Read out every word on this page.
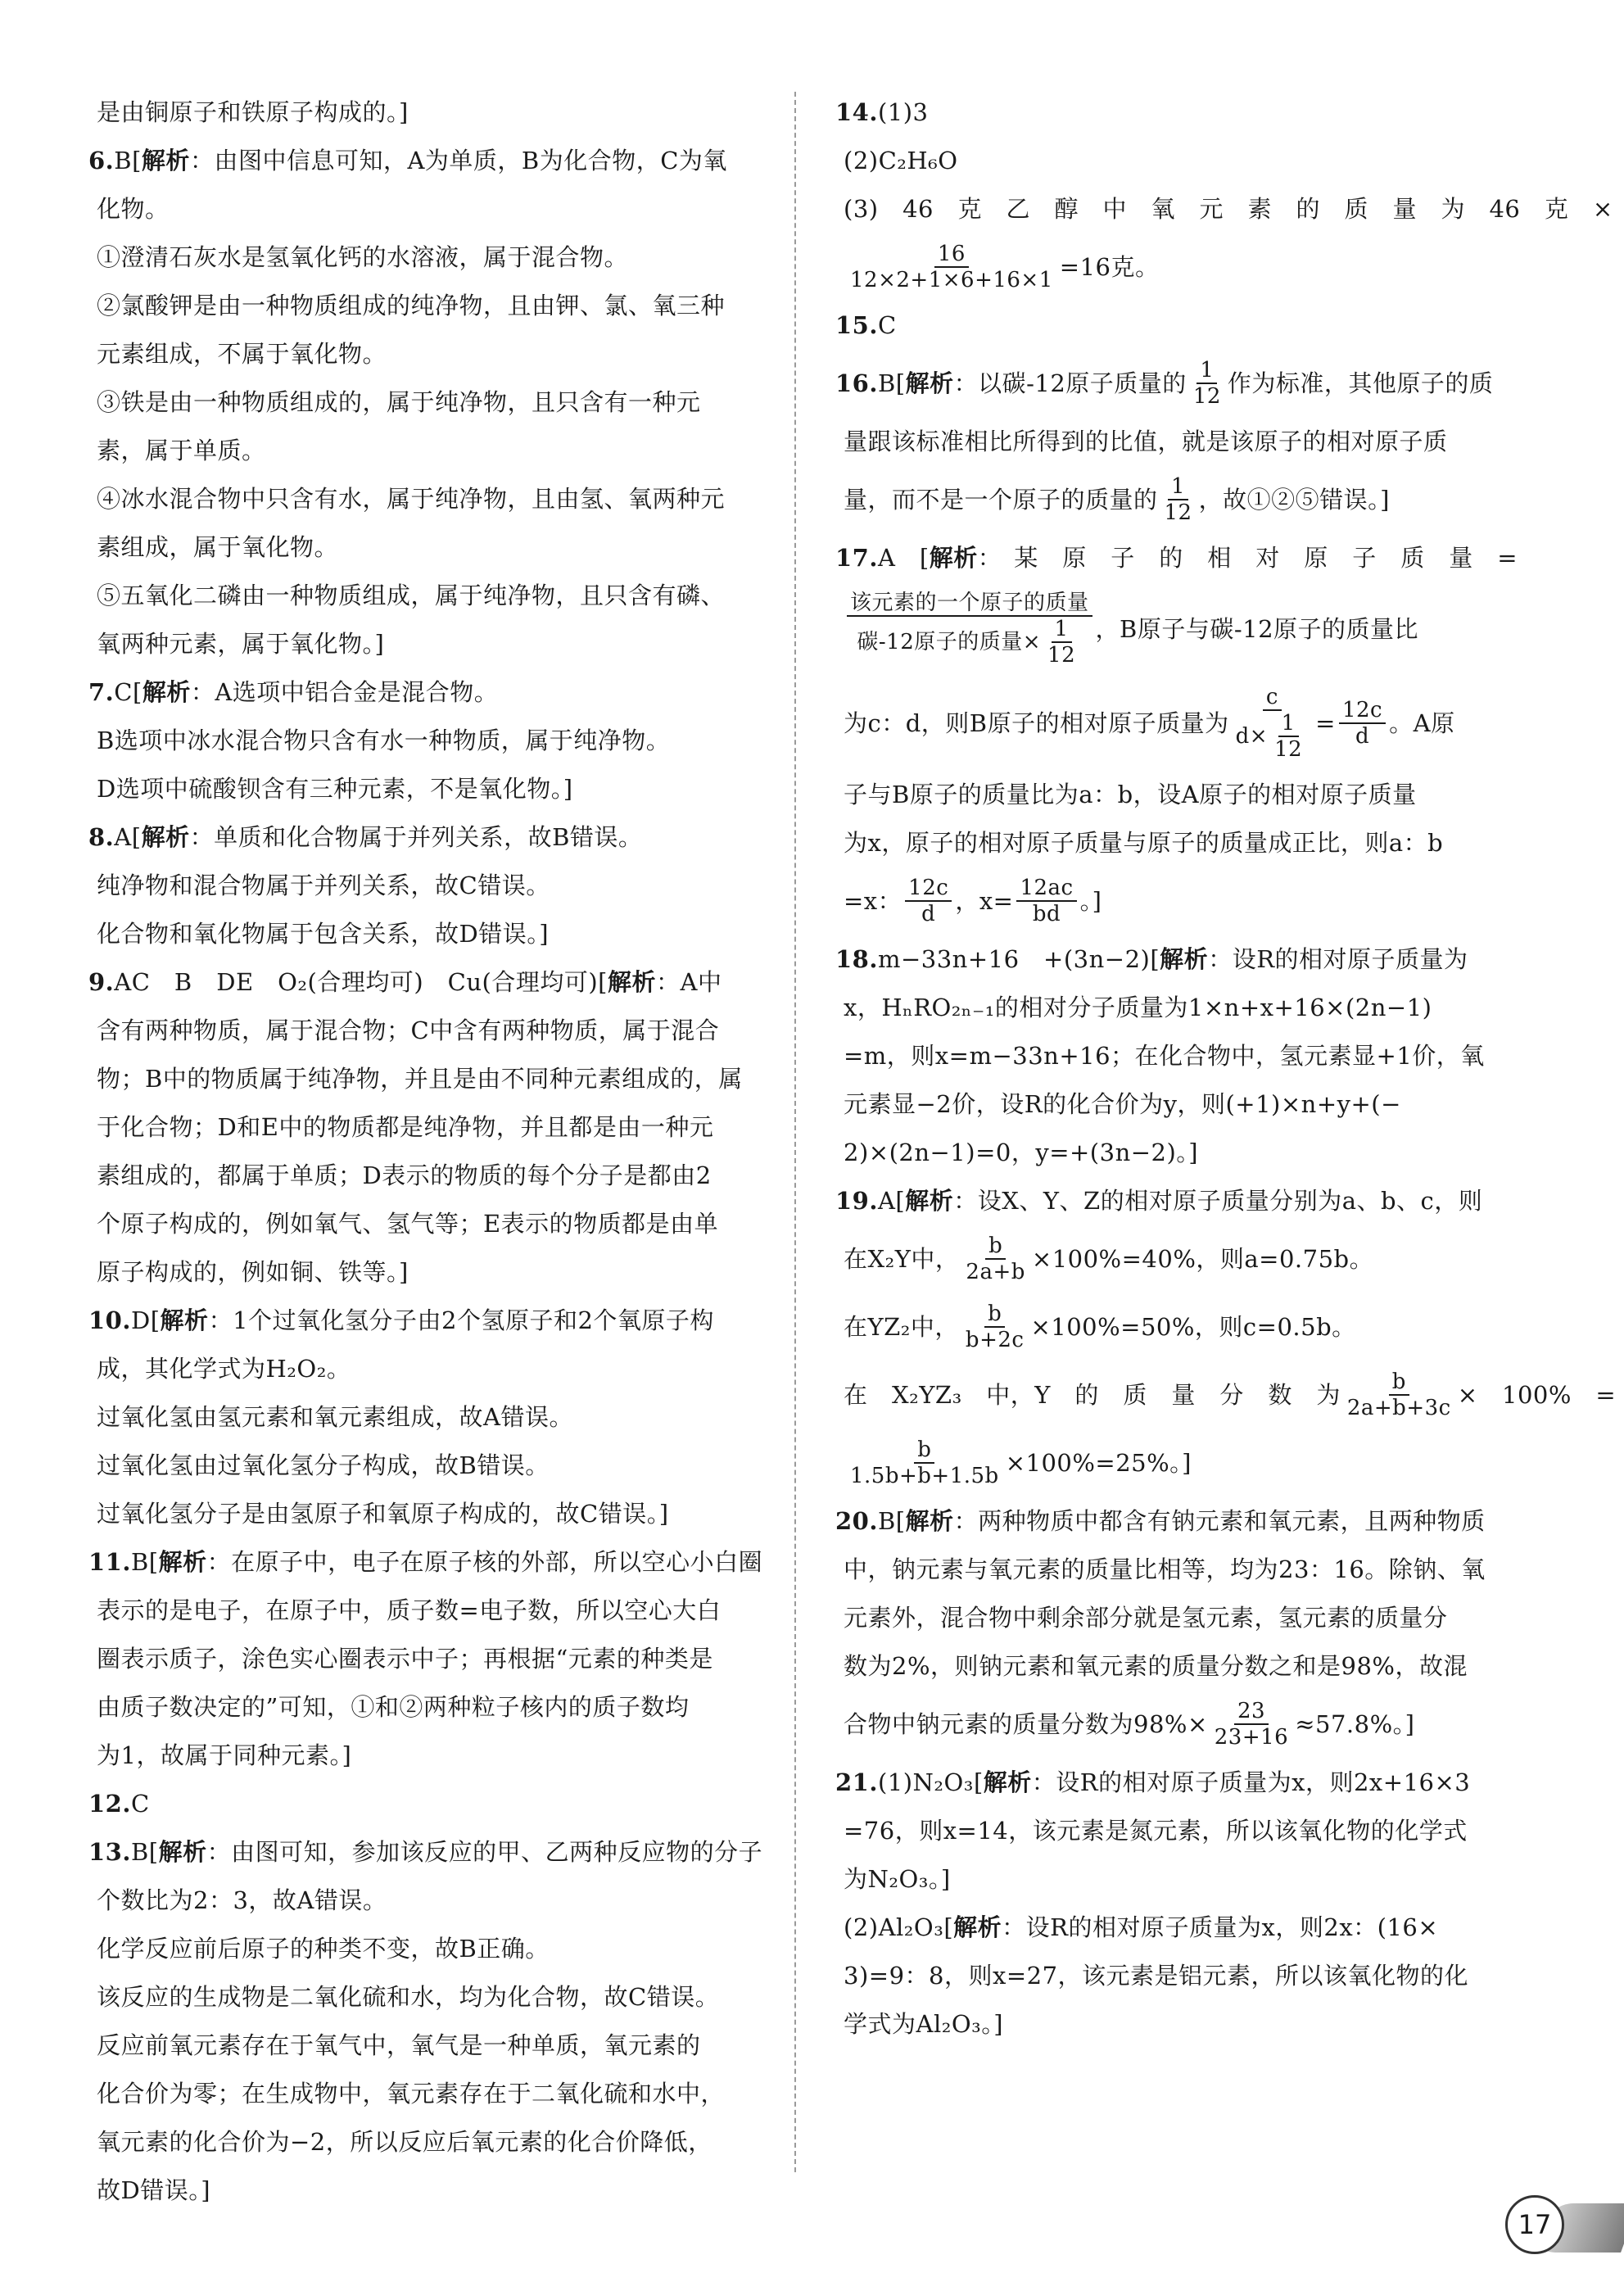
是由铜原子和铁原子构成的。]
6.B[解析：由图中信息可知，A为单质，B为化合物，C为氧
化物。
①澄清石灰水是氢氧化钙的水溶液，属于混合物。
②氯酸钾是由一种物质组成的纯净物，且由钾、氯、氧三种
元素组成，不属于氧化物。
③铁是由一种物质组成的，属于纯净物，且只含有一种元
素，属于单质。
④冰水混合物中只含有水，属于纯净物，且由氢、氧两种元
素组成，属于氧化物。
⑤五氧化二磷由一种物质组成，属于纯净物，且只含有磷、
氧两种元素，属于氧化物。]
7.C[解析：A选项中铝合金是混合物。
B选项中冰水混合物只含有水一种物质，属于纯净物。
D选项中硫酸钡含有三种元素，不是氧化物。]
8.A[解析：单质和化合物属于并列关系，故B错误。
纯净物和混合物属于并列关系，故C错误。
化合物和氧化物属于包含关系，故D错误。]
9.AC　B　DE　O₂(合理均可)　Cu(合理均可)[解析：A中
含有两种物质，属于混合物；C中含有两种物质，属于混合
物；B中的物质属于纯净物，并且是由不同种元素组成的，属
于化合物；D和E中的物质都是纯净物，并且都是由一种元
素组成的，都属于单质；D表示的物质的每个分子是都由2
个原子构成的，例如氧气、氢气等；E表示的物质都是由单
原子构成的，例如铜、铁等。]
10.D[解析：1个过氧化氢分子由2个氢原子和2个氧原子构
成，其化学式为H₂O₂。
过氧化氢由氢元素和氧元素组成，故A错误。
过氧化氢由过氧化氢分子构成，故B错误。
过氧化氢分子是由氢原子和氧原子构成的，故C错误。]
11.B[解析：在原子中，电子在原子核的外部，所以空心小白圈
表示的是电子，在原子中，质子数=电子数，所以空心大白
圈表示质子，涂色实心圈表示中子；再根据“元素的种类是
由质子数决定的”可知，①和②两种粒子核内的质子数均
为1，故属于同种元素。]
12.C
13.B[解析：由图可知，参加该反应的甲、乙两种反应物的分子
个数比为2：3，故A错误。
化学反应前后原子的种类不变，故B正确。
该反应的生成物是二氧化硫和水，均为化合物，故C错误。
反应前氧元素存在于氧气中，氧气是一种单质，氧元素的
化合价为零；在生成物中，氧元素存在于二氧化硫和水中，
氧元素的化合价为−2，所以反应后氧元素的化合价降低，
故D错误。]
14.(1)3
(2)C₂H₆O
(3)　46　克　乙　醇　中　氧　元　素　的　质　量　为　46　克　×
$\frac{16}{12\times 2+1\times 6+16\times 1} =16$克。
15.C
16. B [ 解析 ：以碳-12原子质量的 $\frac{1}{12}$ 作为标准，其他原子的质
量跟该标准相比所得到的比值，就是该原子的相对原子质
量，而不是一个原子的质量的 $\frac{1}{12}$ ，故①②⑤错误。]
17.A　[解析：　某　原　子　的　相　对　原　子　质　量　=
$\frac{\text{该元素的一个原子的质量}}{碳-12原子的质量\times \frac{1}{12}}$ ，B原子与碳-12原子的质量比
为c：d，则B原子的相对原子质量为 $\frac{c}{d\times \frac{1}{12}} = \frac{12c}{d}$ 。A原
子与B原子的质量比为a：b，设A原子的相对原子质量
为x，原子的相对原子质量与原子的质量成正比，则a：b
=x： $\frac{12c}{d}$ ，$x= \frac{12ac}{bd}$ 。]
18.m−33n+16　+(3n−2)[解析：设R的相对原子质量为
x，HₙRO₂ₙ₋₁的相对分子质量为1×n+x+16×(2n−1)
=m，则x=m−33n+16；在化合物中，氢元素显+1价，氧
元素显−2价，设R的化合价为y，则(+1)×n+y+(−
2)×(2n−1)=0，y=+(3n−2)。]
19.A[解析：设X、Y、Z的相对原子质量分别为a、b、c，则
在X₂Y中， $\frac{b}{2a+b} \times 100\%=40\%$，则a=0.75b。
在YZ₂中， $\frac{b}{b+2c} \times 100\%=50\%$，则c=0.5b。
在　X₂YZ₃　中，Y　的　质　量　分　数　为 $\frac{b}{2a+b+3c}$ ×　100%　=
$\frac{b}{1.5b+b+1.5b} \times 100\%=25\%$。]
20.B[解析：两种物质中都含有钠元素和氧元素，且两种物质
中，钠元素与氧元素的质量比相等，均为23：16。除钠、氧
元素外，混合物中剩余部分就是氢元素，氢元素的质量分
数为2%，则钠元素和氧元素的质量分数之和是98%，故混
合物中钠元素的质量分数为$98\%\times \frac{23}{23+16} \approx 57.8\%$。]
21.(1)N₂O₃[解析：设R的相对原子质量为x，则2x+16×3
=76，则x=14，该元素是氮元素，所以该氧化物的化学式
为N₂O₃。]
(2)Al₂O₃[解析：设R的相对原子质量为x，则2x：(16×
3)=9：8，则x=27，该元素是铝元素，所以该氧化物的化
学式为Al₂O₃。]
17
